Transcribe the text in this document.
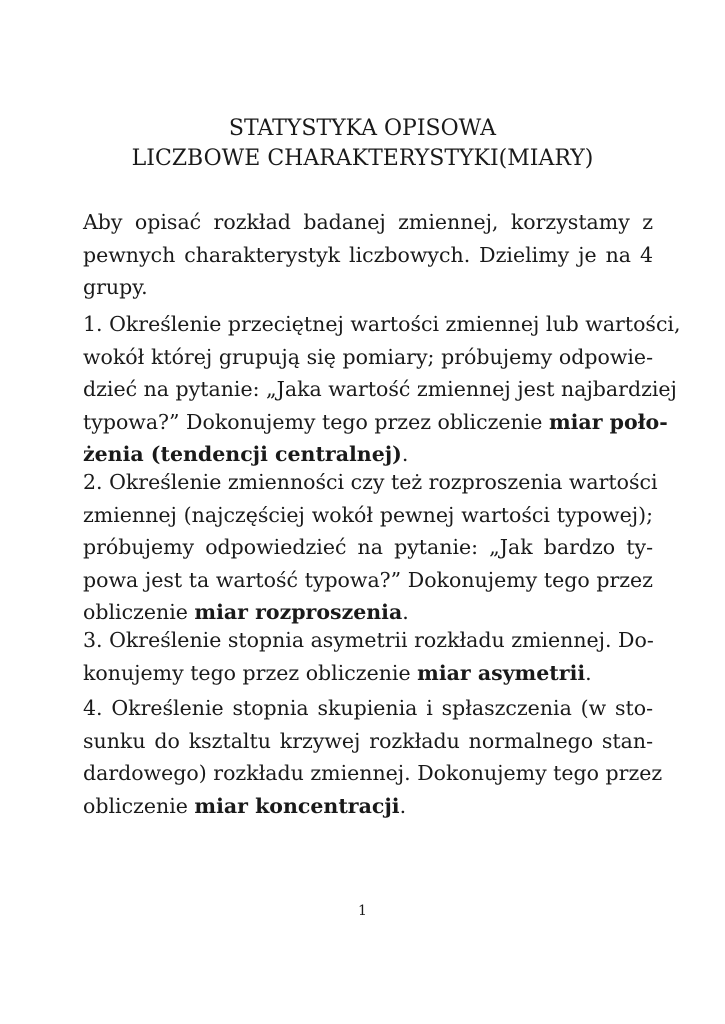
STATYSTYKA OPISOWA
LICZBOWE CHARAKTERYSTYKI(MIARY)
Aby opisać rozkład badanej zmiennej, korzystamy z
pewnych charakterystyk liczbowych. Dzielimy je na 4
grupy.
1. Określenie przeciętnej wartości zmiennej lub wartości,
wokół której grupują się pomiary; próbujemy odpowie-
dzieć na pytanie: „Jaka wartość zmiennej jest najbardziej
typowa?” Dokonujemy tego przez obliczenie miar poło-
żenia (tendencji centralnej).
2. Określenie zmienności czy też rozproszenia wartości
zmiennej (najczęściej wokół pewnej wartości typowej);
próbujemy odpowiedzieć na pytanie: „Jak bardzo ty-
powa jest ta wartość typowa?” Dokonujemy tego przez
obliczenie miar rozproszenia.
3. Określenie stopnia asymetrii rozkładu zmiennej. Do-
konujemy tego przez obliczenie miar asymetrii.
4. Określenie stopnia skupienia i spłaszczenia (w sto-
sunku do ksztaltu krzywej rozkładu normalnego stan-
dardowego) rozkładu zmiennej. Dokonujemy tego przez
obliczenie miar koncentracji.
1
